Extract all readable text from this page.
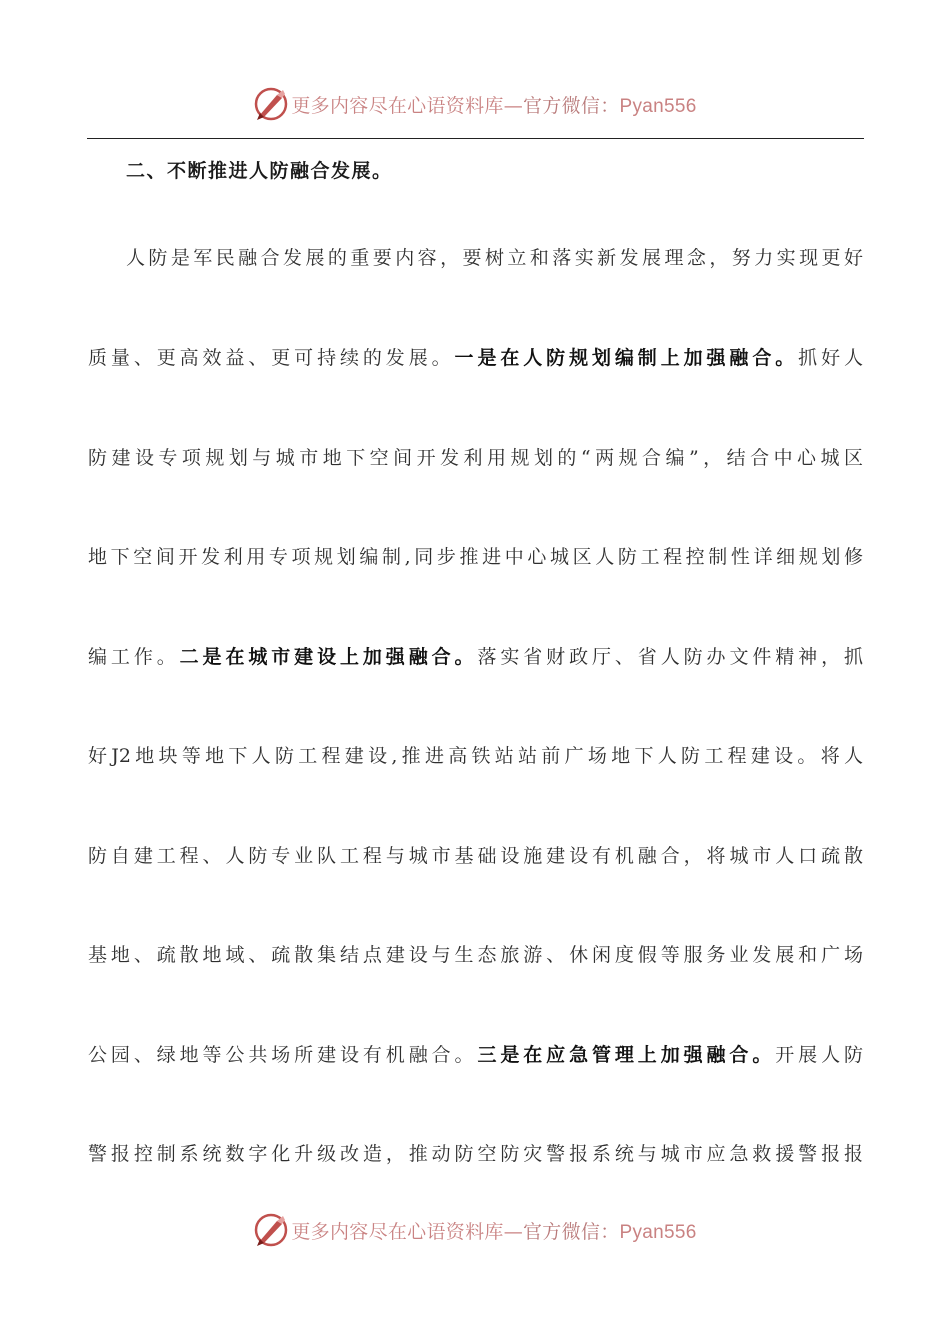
更多内容尽在心语资料库—官方微信：Pyan556
二、不断推进人防融合发展。
人防是军民融合发展的重要内容，要树立和落实新发展理念，努力实现更好
质量、更高效益、更可持续的发展。一是在人防规划编制上加强融合。抓好人
防建设专项规划与城市地下空间开发利用规划的“两规合编”，结合中心城区
地下空间开发利用专项规划编制,同步推进中心城区人防工程控制性详细规划修
编工作。二是在城市建设上加强融合。落实省财政厅、省人防办文件精神，抓
好J2地块等地下人防工程建设,推进高铁站站前广场地下人防工程建设。将人
防自建工程、人防专业队工程与城市基础设施建设有机融合，将城市人口疏散
基地、疏散地域、疏散集结点建设与生态旅游、休闲度假等服务业发展和广场
公园、绿地等公共场所建设有机融合。三是在应急管理上加强融合。开展人防
警报控制系统数字化升级改造，推动防空防灾警报系统与城市应急救援警报报
更多内容尽在心语资料库—官方微信：Pyan556
